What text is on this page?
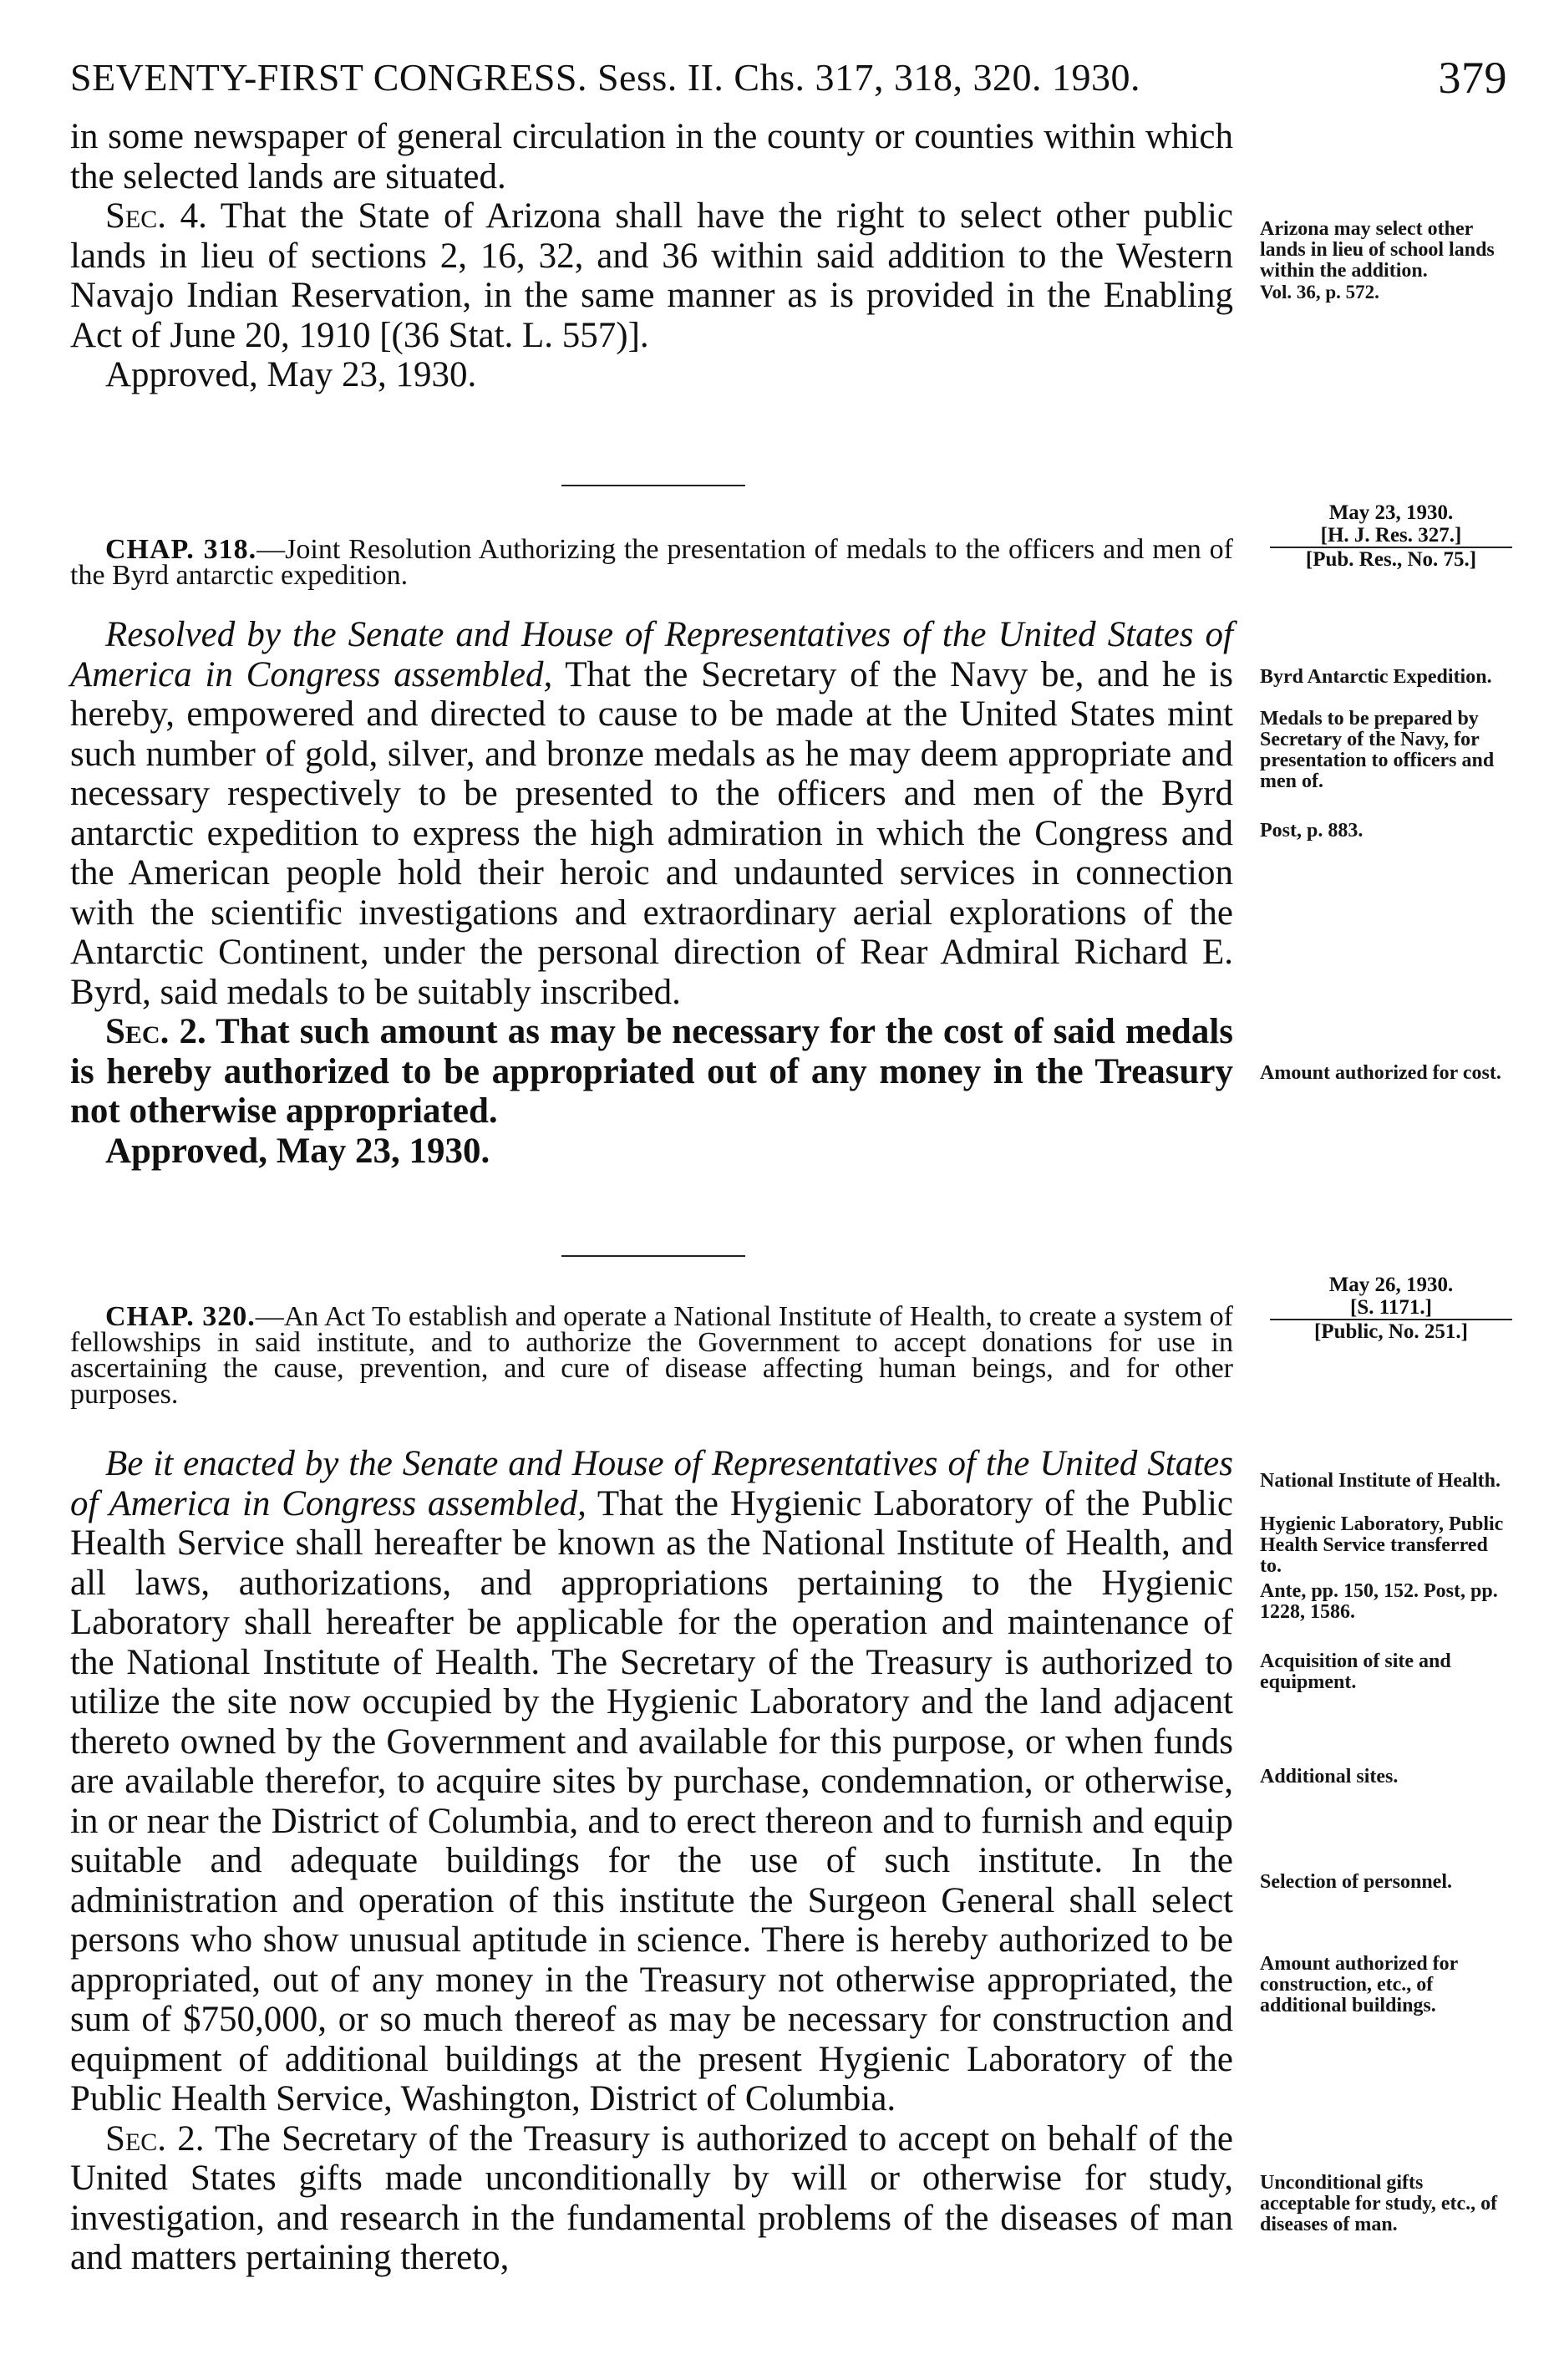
SEVENTY-FIRST CONGRESS. Sess. II. Chs. 317, 318, 320. 1930.	379

in some newspaper of general circulation in the county or counties within which the selected lands are situated.

Sec. 4. That the State of Arizona shall have the right to select other public lands in lieu of sections 2, 16, 32, and 36 within said addition to the Western Navajo Indian Reservation, in the same manner as is provided in the Enabling Act of June 20, 1910 [(36 Stat. L. 557)].

Approved, May 23, 1930.

Arizona may select other lands in lieu of school lands within the addition.
Vol. 36, p. 572.
May 23, 1930.

[H. J. Res. 327.]
[Pub. Res., No. 75.]

CHAP. 318.—Joint Resolution Authorizing the presentation of medals to the officers and men of the Byrd antarctic expedition.

Resolved by the Senate and House of Representatives of the United States of America in Congress assembled, That the Secretary of the Navy be, and he is hereby, empowered and directed to cause to be made at the United States mint such number of gold, silver, and bronze medals as he may deem appropriate and necessary respectively to be presented to the officers and men of the Byrd antarctic expedition to express the high admiration in which the Congress and the American people hold their heroic and undaunted services in connection with the scientific investigations and extraordinary aerial explorations of the Antarctic Continent, under the personal direction of Rear Admiral Richard E. Byrd, said medals to be suitably inscribed.

Sec. 2. That such amount as may be necessary for the cost of said medals is hereby authorized to be appropriated out of any money in the Treasury not otherwise appropriated.

Approved, May 23, 1930.

Byrd Antarctic Expedition.
Medals to be prepared by Secretary of the Navy, for presentation to officers and men of.
Post, p. 883.
Amount authorized for cost.
May 26, 1930.

[S. 1171.]
[Public, No. 251.]

CHAP. 320.—An Act To establish and operate a National Institute of Health, to create a system of fellowships in said institute, and to authorize the Government to accept donations for use in ascertaining the cause, prevention, and cure of disease affecting human beings, and for other purposes.

Be it enacted by the Senate and House of Representatives of the United States of America in Congress assembled, That the Hygienic Laboratory of the Public Health Service shall hereafter be known as the National Institute of Health, and all laws, authorizations, and appropriations pertaining to the Hygienic Laboratory shall hereafter be applicable for the operation and maintenance of the National Institute of Health. The Secretary of the Treasury is authorized to utilize the site now occupied by the Hygienic Laboratory and the land adjacent thereto owned by the Government and available for this purpose, or when funds are available therefor, to acquire sites by purchase, condemnation, or otherwise, in or near the District of Columbia, and to erect thereon and to furnish and equip suitable and adequate buildings for the use of such institute. In the administration and operation of this institute the Surgeon General shall select persons who show unusual aptitude in science. There is hereby authorized to be appropriated, out of any money in the Treasury not otherwise appropriated, the sum of $750,000, or so much thereof as may be necessary for construction and equipment of additional buildings at the present Hygienic Laboratory of the Public Health Service, Washington, District of Columbia.

Sec. 2. The Secretary of the Treasury is authorized to accept on behalf of the United States gifts made unconditionally by will or otherwise for study, investigation, and research in the fundamental problems of the diseases of man and matters pertaining thereto,

National Institute of Health.
Hygienic Laboratory, Public Health Service transferred to.
Ante, pp. 150, 152. Post, pp. 1228, 1586.
Acquisition of site and equipment.
Additional sites.
Selection of personnel.
Amount authorized for construction, etc., of additional buildings.
Unconditional gifts acceptable for study, etc., of diseases of man.
